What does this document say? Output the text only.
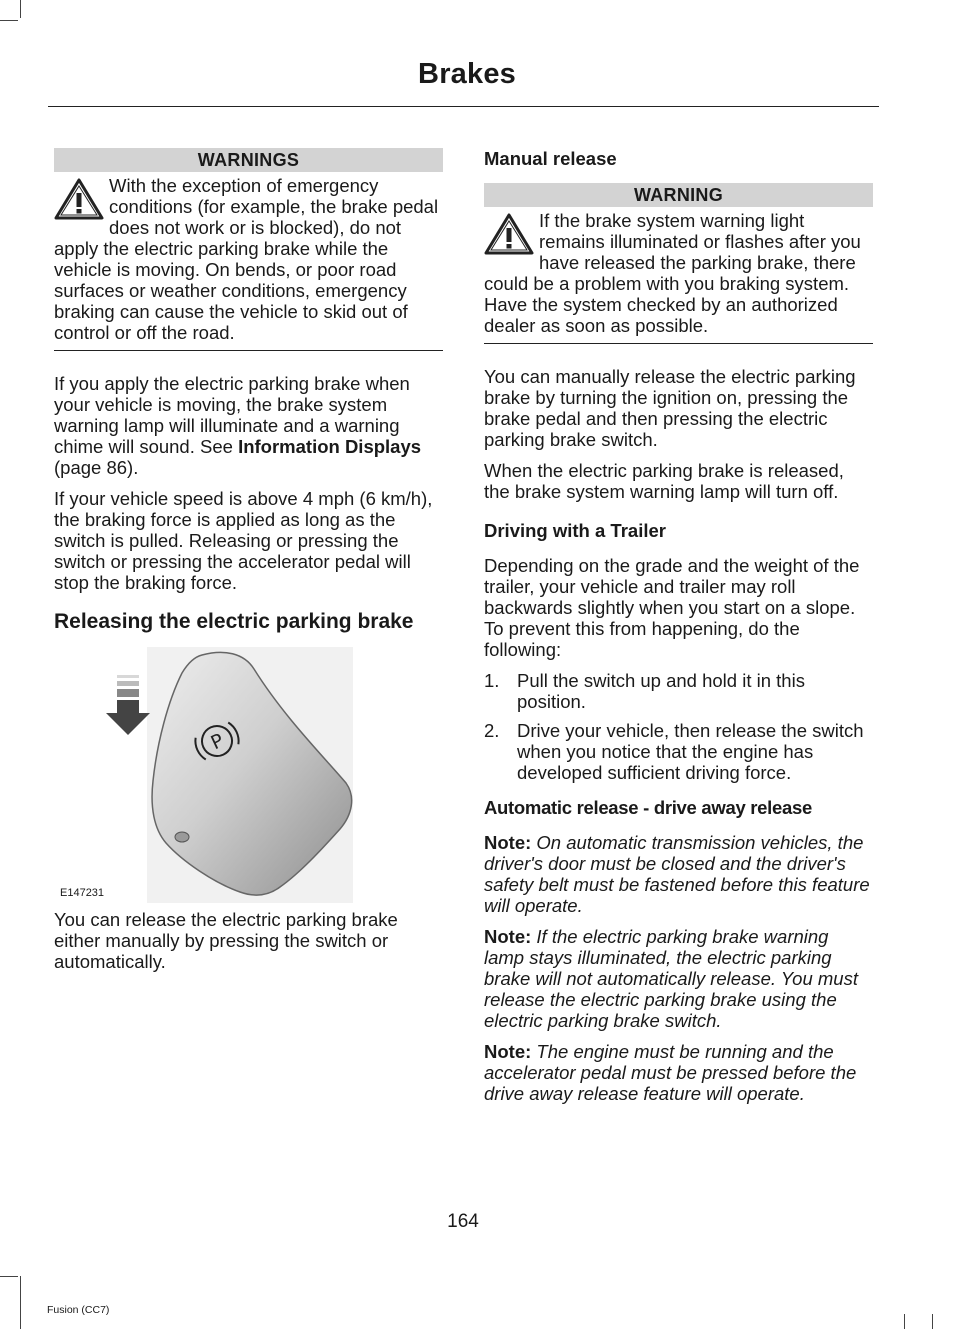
Brakes
WARNINGS

With the exception of emergency conditions (for example, the brake pedal does not work or is blocked), do not apply the electric parking brake while the vehicle is moving. On bends, or poor road surfaces or weather conditions, emergency braking can cause the vehicle to skid out of control or off the road.

If you apply the electric parking brake when your vehicle is moving, the brake system warning lamp will illuminate and a warning chime will sound. See Information Displays (page 86).

If your vehicle speed is above 4 mph (6 km/h), the braking force is applied as long as the switch is pulled. Releasing or pressing the switch or pressing the accelerator pedal will stop the braking force.

Releasing the electric parking brake
P
E147231

You can release the electric parking brake either manually by pressing the switch or automatically.

Manual release
WARNING

If the brake system warning light remains illuminated or flashes after you have released the parking brake, there could be a problem with you braking system. Have the system checked by an authorized dealer as soon as possible.

You can manually release the electric parking brake by turning the ignition on, pressing the brake pedal and then pressing the electric parking brake switch.

When the electric parking brake is released, the brake system warning lamp will turn off.

Driving with a Trailer

Depending on the grade and the weight of the trailer, your vehicle and trailer may roll backwards slightly when you start on a slope. To prevent this from happening, do the following:

1. Pull the switch up and hold it in this position.
2. Drive your vehicle, then release the switch when you notice that the engine has developed sufficient driving force.
Automatic release - drive away release

Note: On automatic transmission vehicles, the driver's door must be closed and the driver's safety belt must be fastened before this feature will operate.

Note: If the electric parking brake warning lamp stays illuminated, the electric parking brake will not automatically release. You must release the electric parking brake using the electric parking brake switch.

Note: The engine must be running and the accelerator pedal must be pressed before the drive away release feature will operate.

164
Fusion (CC7)
